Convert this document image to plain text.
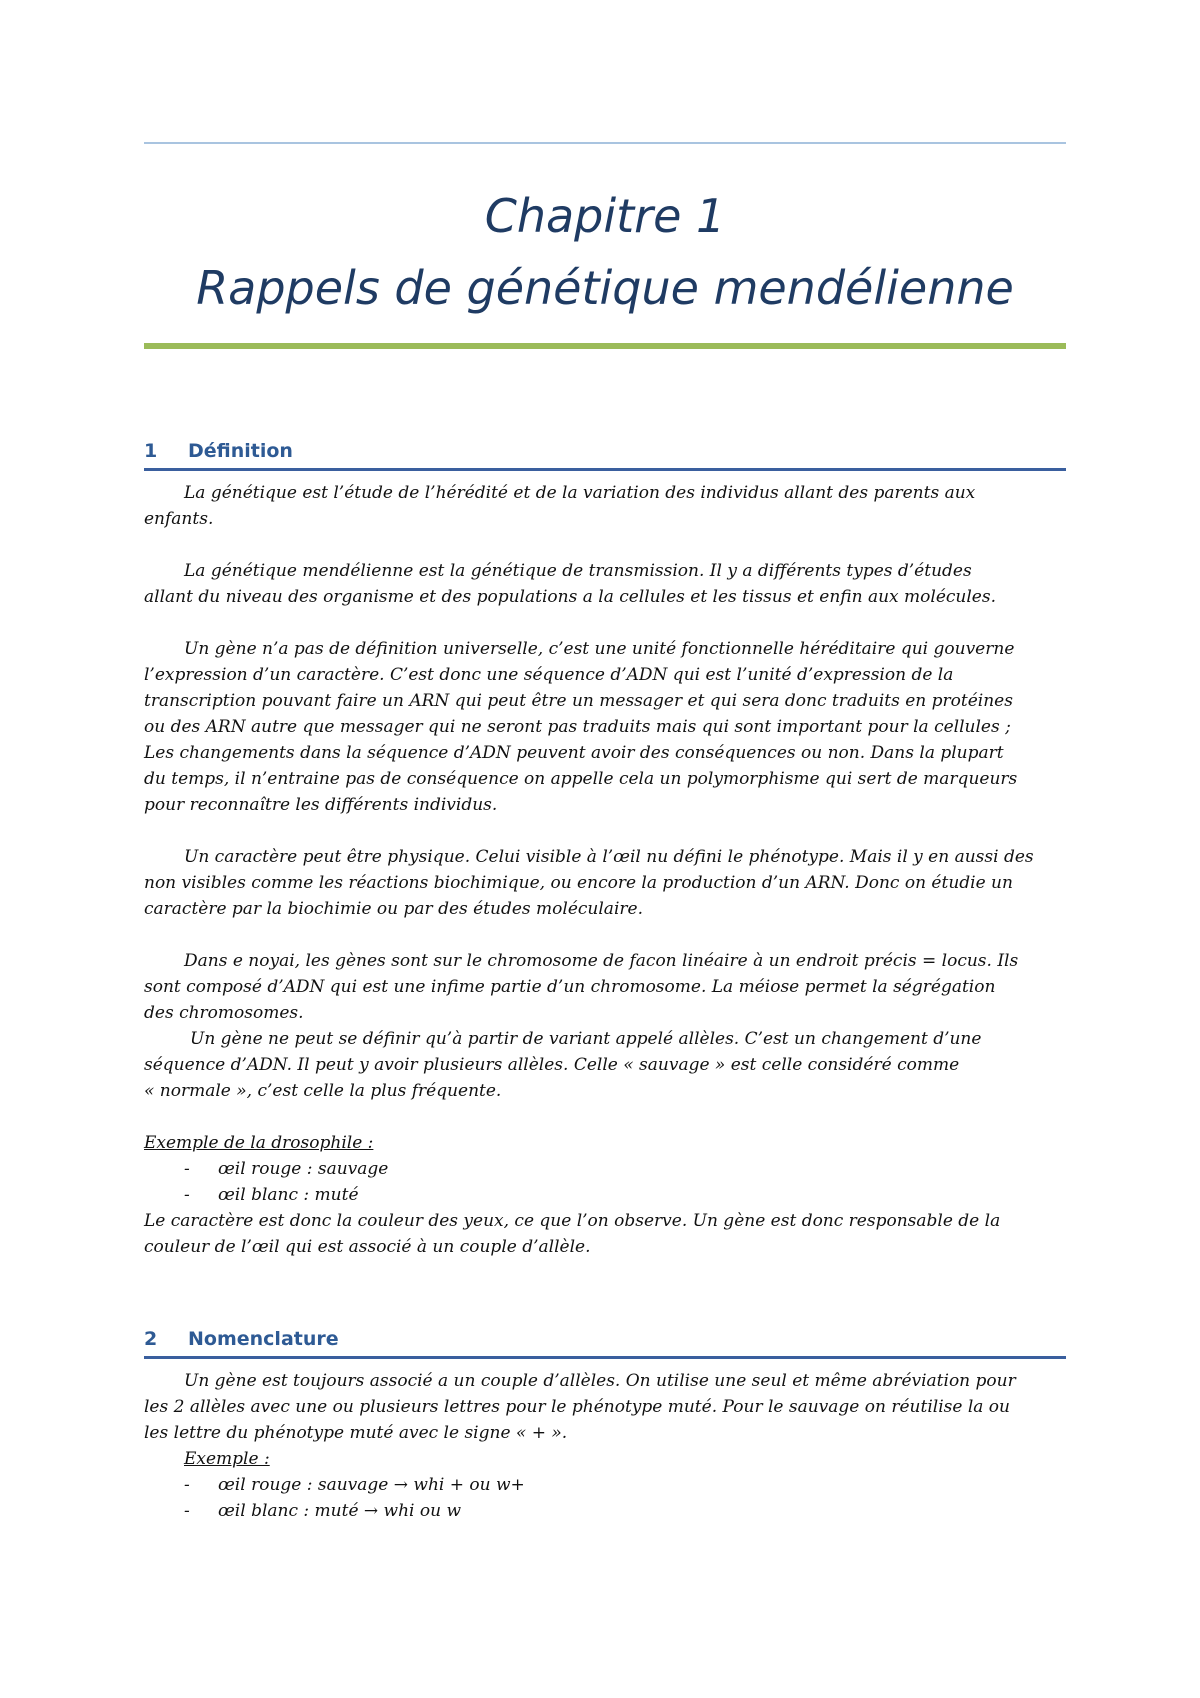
Chapitre 1
Rappels de génétique mendélienne
1 Définition
La génétique est l’étude de l’hérédité et de la variation des individus allant des parents aux
enfants.
La génétique mendélienne est la génétique de transmission. Il y a différents types d’études
allant du niveau des organisme et des populations a la cellules et les tissus et enfin aux molécules.
Un gène n’a pas de définition universelle, c’est une unité fonctionnelle héréditaire qui gouverne
l’expression d’un caractère. C’est donc une séquence d’ADN qui est l’unité d’expression de la
transcription pouvant faire un ARN qui peut être un messager et qui sera donc traduits en protéines
ou des ARN autre que messager qui ne seront pas traduits mais qui sont important pour la cellules ;
Les changements dans la séquence d’ADN peuvent avoir des conséquences ou non. Dans la plupart
du temps, il n’entraine pas de conséquence on appelle cela un polymorphisme qui sert de marqueurs
pour reconnaître les différents individus.
Un caractère peut être physique. Celui visible à l’œil nu défini le phénotype. Mais il y en aussi des
non visibles comme les réactions biochimique, ou encore la production d’un ARN. Donc on étudie un
caractère par la biochimie ou par des études moléculaire.
Dans e noyai, les gènes sont sur le chromosome de facon linéaire à un endroit précis = locus. Ils
sont composé d’ADN qui est une infime partie d’un chromosome. La méiose permet la ségrégation
des chromosomes.
Un gène ne peut se définir qu’à partir de variant appelé allèles. C’est un changement d’une
séquence d’ADN. Il peut y avoir plusieurs allèles. Celle « sauvage » est celle considéré comme
« normale », c’est celle la plus fréquente.
Exemple de la drosophile :
- œil rouge : sauvage
- œil blanc : muté
Le caractère est donc la couleur des yeux, ce que l’on observe. Un gène est donc responsable de la
couleur de l’œil qui est associé à un couple d’allèle.
2 Nomenclature
Un gène est toujours associé a un couple d’allèles. On utilise une seul et même abréviation pour
les 2 allèles avec une ou plusieurs lettres pour le phénotype muté. Pour le sauvage on réutilise la ou
les lettre du phénotype muté avec le signe « + ».
Exemple :
- œil rouge : sauvage → whi + ou w+
- œil blanc : muté → whi ou w
